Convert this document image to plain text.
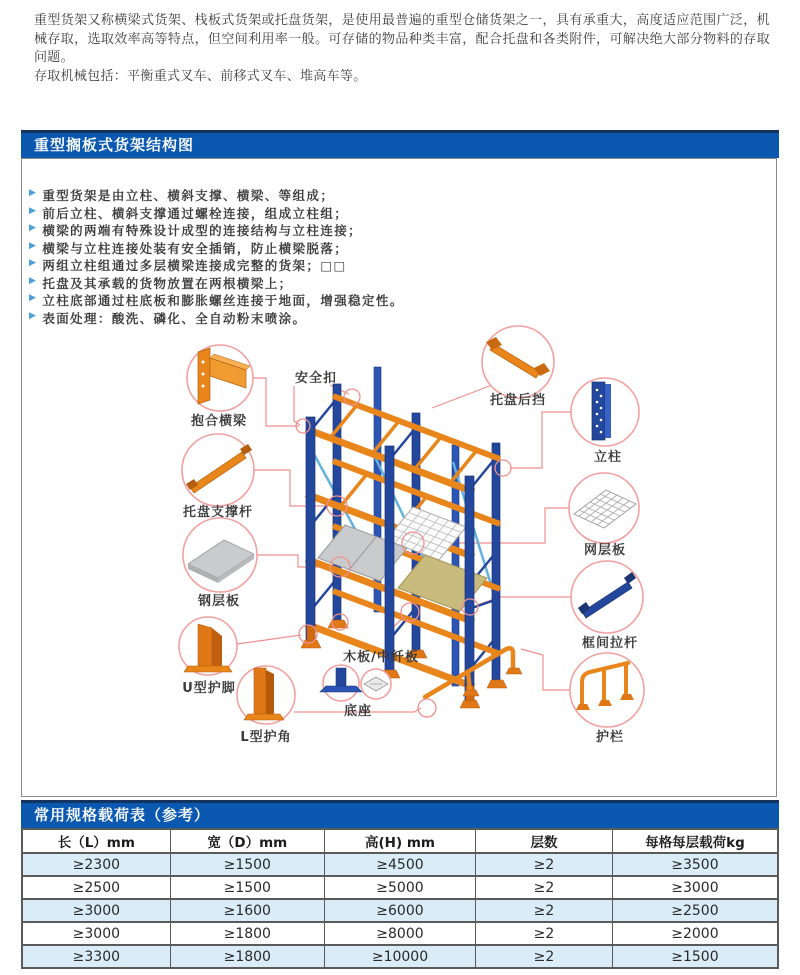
重型货架又称横梁式货架、栈板式货架或托盘货架，是使用最普遍的重型仓储货架之一，具有承重大，高度适应范围广泛，机械存取，选取效率高等特点，但空间利用率一般。可存储的物品种类丰富，配合托盘和各类附件，可解决绝大部分物料的存取问题。
存取机械包括：平衡重式叉车、前移式叉车、堆高车等。
重型搁板式货架结构图
▶ 重型货架是由立柱、横斜支撑、横梁、等组成；
▶ 前后立柱、横斜支撑通过螺栓连接，组成立柱组；
▶ 横梁的两端有特殊设计成型的连接结构与立柱连接；
▶ 横梁与立柱连接处装有安全插销，防止横梁脱落；
▶ 两组立柱组通过多层横梁连接成完整的货架；□□
▶ 托盘及其承载的货物放置在两根横梁上；
▶ 立柱底部通过柱底板和膨胀螺丝连接于地面，增强稳定性。
▶ 表面处理：酸洗、磷化、全自动粉末喷涂。
安全扣
抱合横梁
托盘支撑杆
钢层板
U型护脚
L型护角
底座
木板/中纤板
托盘后挡
立柱
网层板
框间拉杆
护栏
常用规格载荷表（参考）
长（L）mm	宽（D）mm	高(H) mm	层数	每格每层载荷kg
≥2300	≥1500	≥4500	≥2	≥3500
≥2500	≥1500	≥5000	≥2	≥3000
≥3000	≥1600	≥6000	≥2	≥2500
≥3000	≥1800	≥8000	≥2	≥2000
≥3300	≥1800	≥10000	≥2	≥1500
